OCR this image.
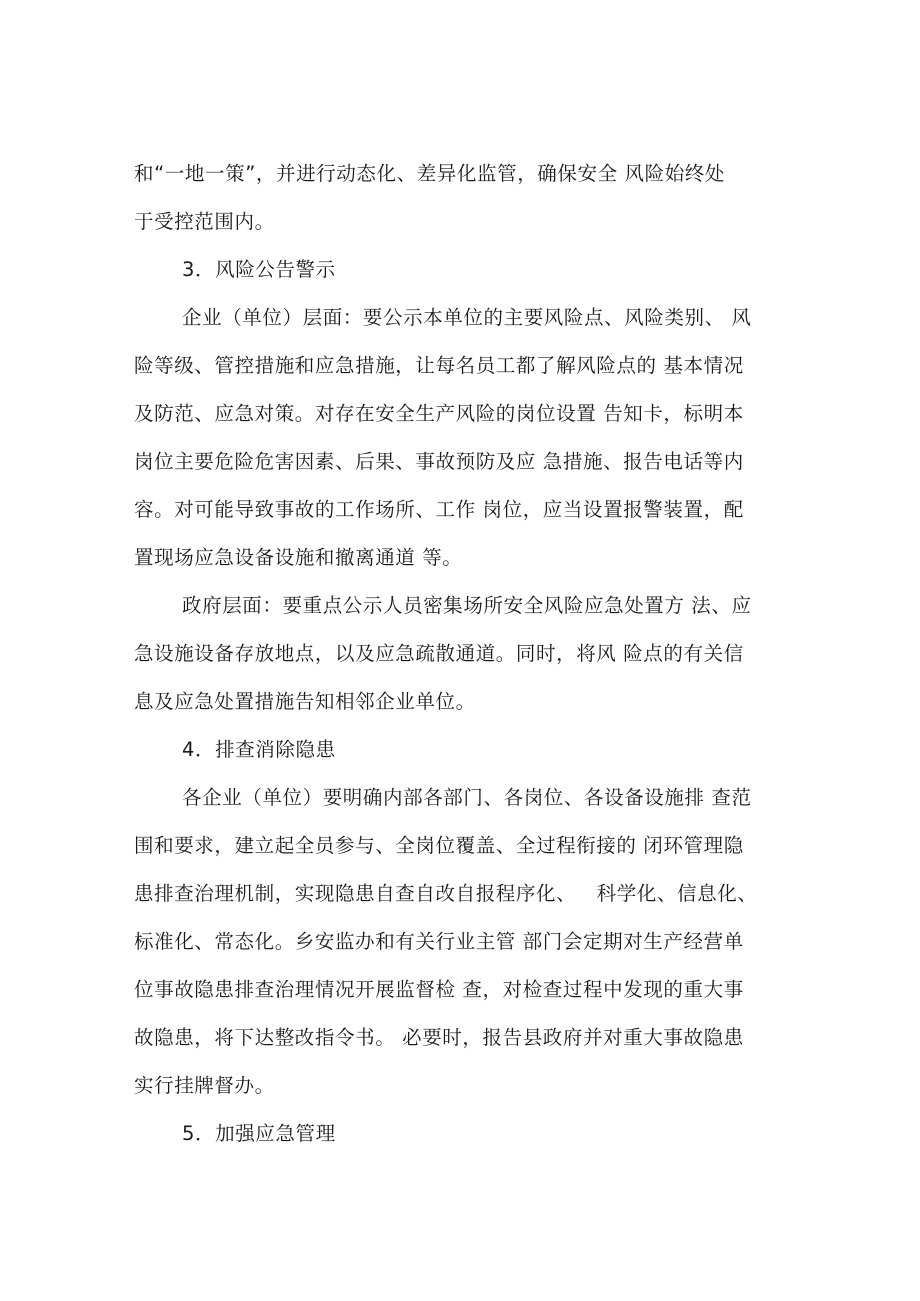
和“一地一策”，并进行动态化、差异化监管，确保安全 风险始终处
于受控范围内。
3．风险公告警示
企业（单位）层面：要公示本单位的主要风险点、风险类别、 风
险等级、管控措施和应急措施，让每名员工都了解风险点的 基本情况
及防范、应急对策。对存在安全生产风险的岗位设置 告知卡，标明本
岗位主要危险危害因素、后果、事故预防及应 急措施、报告电话等内
容。对可能导致事故的工作场所、工作 岗位，应当设置报警装置，配
置现场应急设备设施和撤离通道 等。
政府层面：要重点公示人员密集场所安全风险应急处置方 法、应
急设施设备存放地点，以及应急疏散通道。同时，将风 险点的有关信
息及应急处置措施告知相邻企业单位。
4．排查消除隐患
各企业（单位）要明确内部各部门、各岗位、各设备设施排 查范
围和要求，建立起全员参与、全岗位覆盖、全过程衔接的 闭环管理隐
患排查治理机制，实现隐患自查自改自报程序化、   科学化、信息化、
标准化、常态化。乡安监办和有关行业主管 部门会定期对生产经营单
位事故隐患排查治理情况开展监督检 查，对检查过程中发现的重大事
故隐患，将下达整改指令书。 必要时，报告县政府并对重大事故隐患
实行挂牌督办。
5．加强应急管理
